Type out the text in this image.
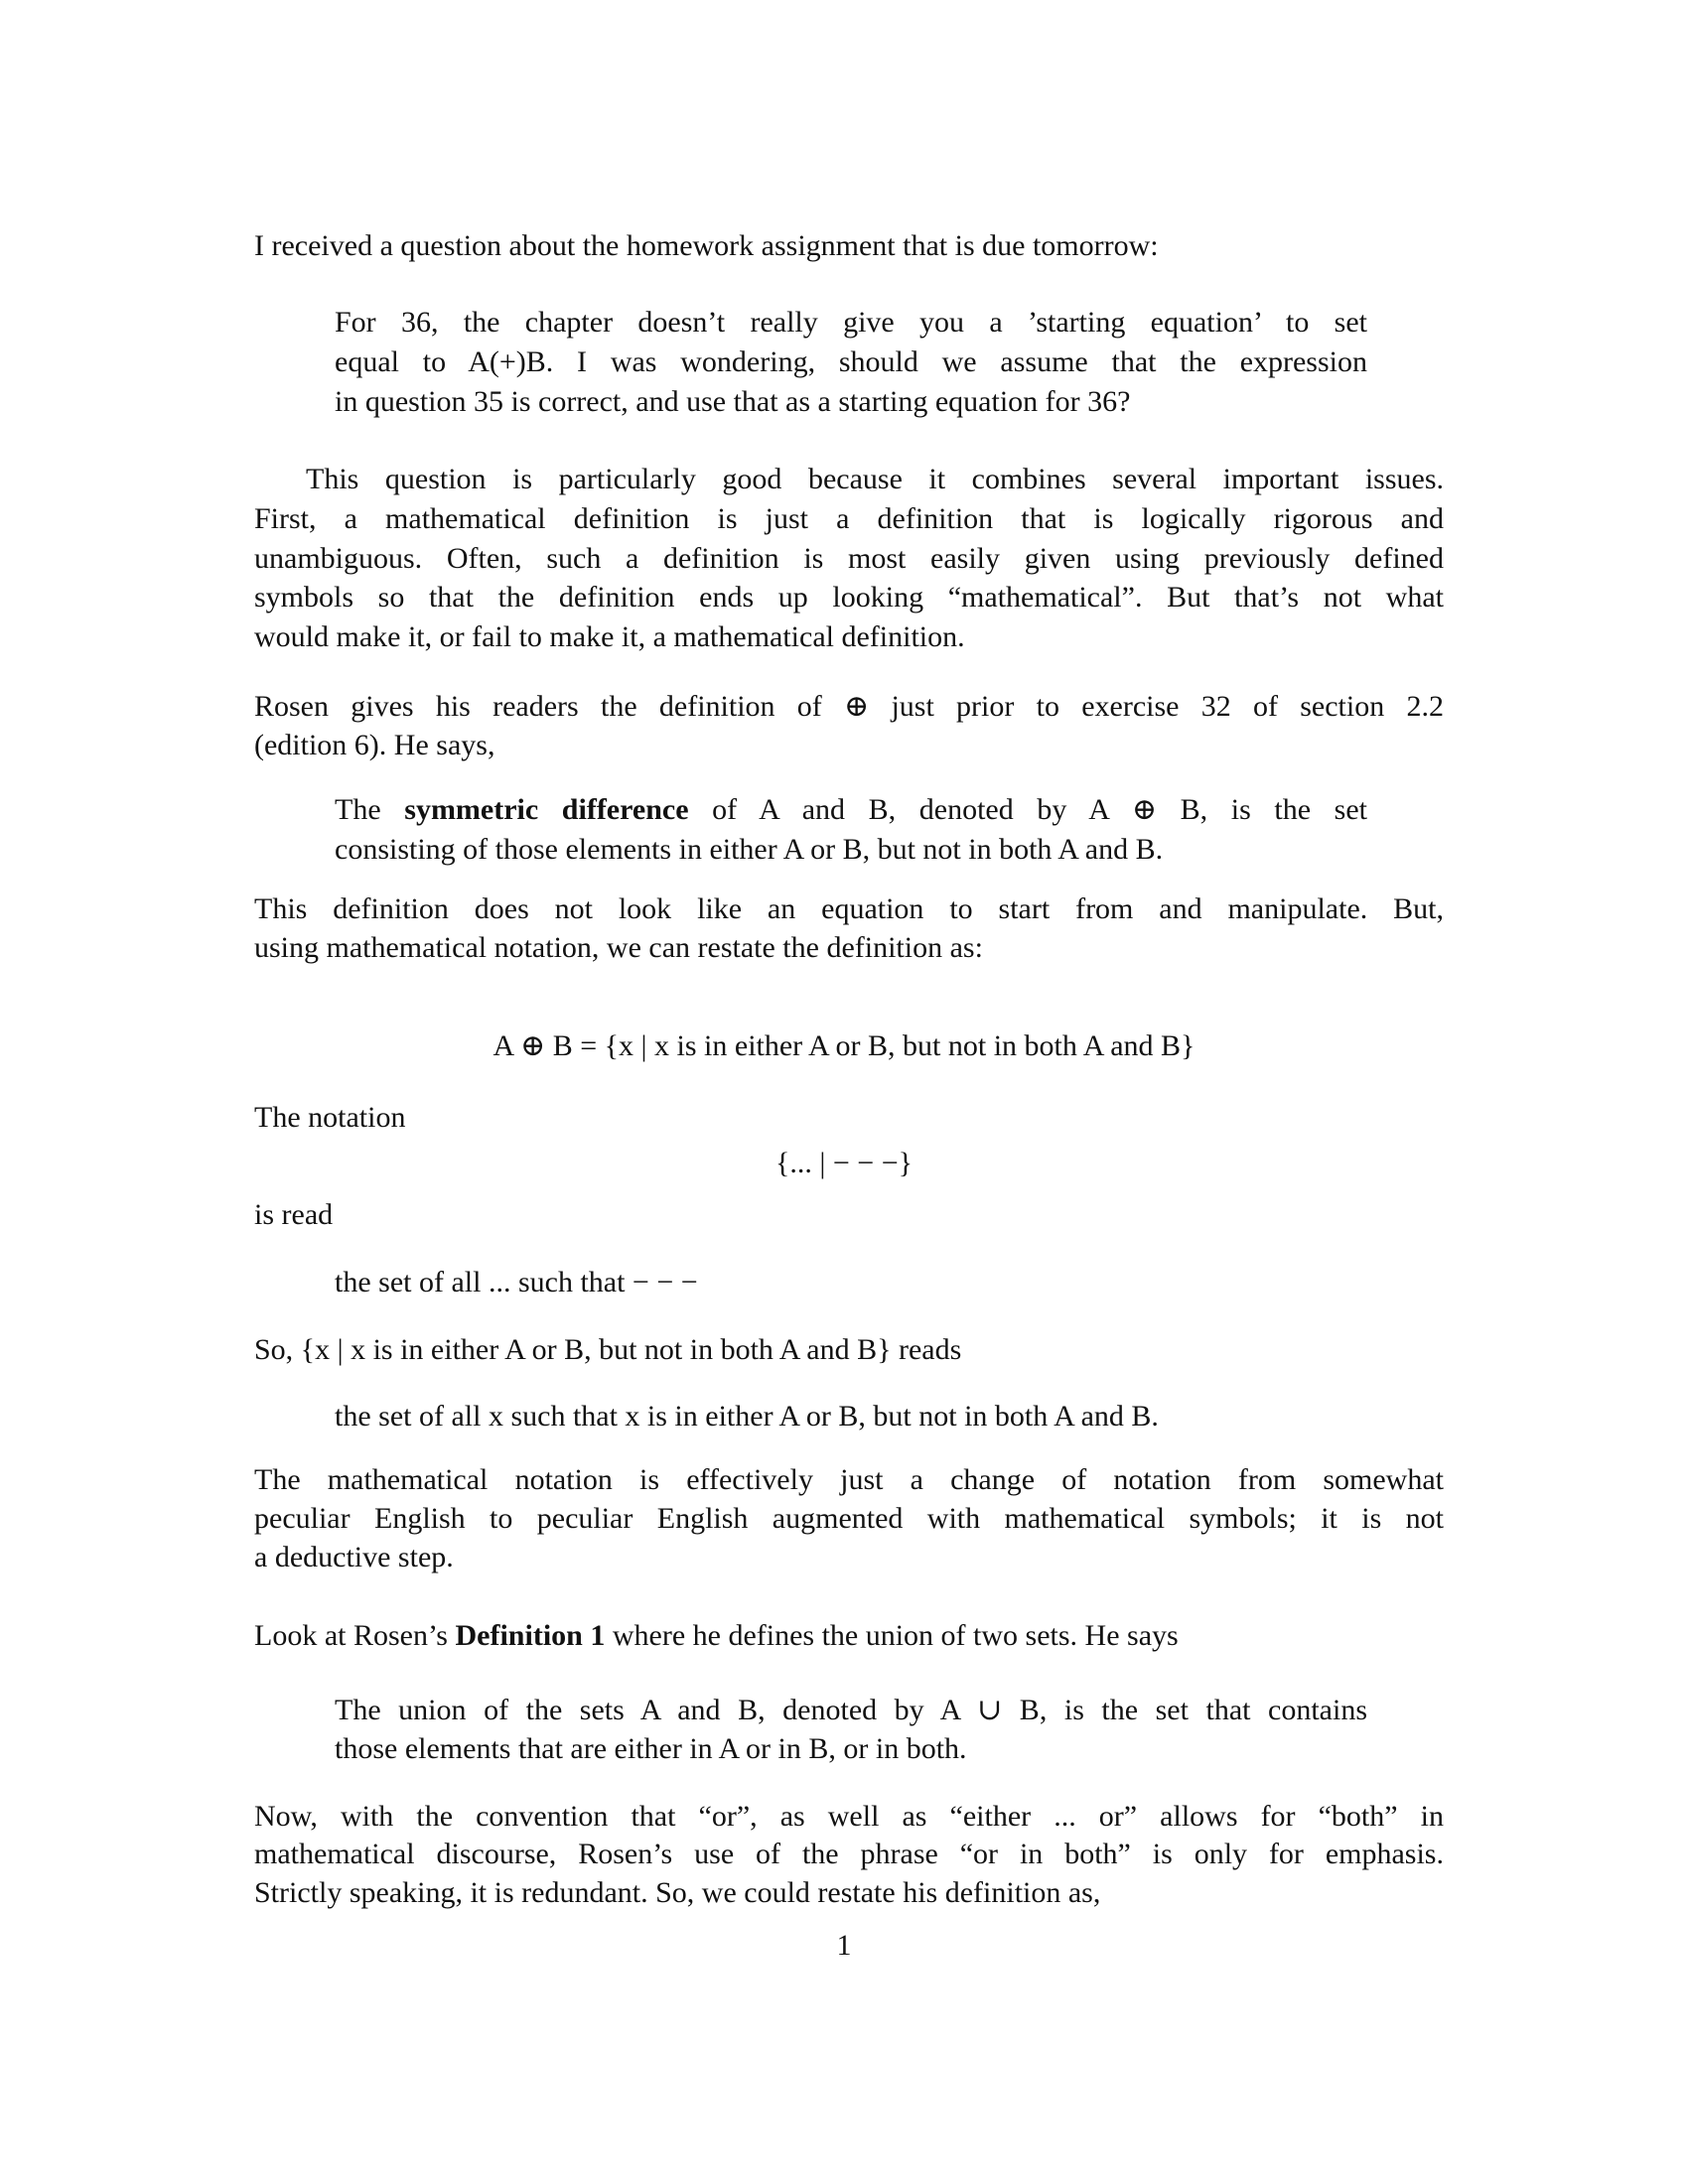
I received a question about the homework assignment that is due tomorrow:
For 36, the chapter doesn’t really give you a ’starting equation’ to set
equal to A(+)B. I was wondering, should we assume that the expression
in question 35 is correct, and use that as a starting equation for 36?
This question is particularly good because it combines several important issues.
First, a mathematical definition is just a definition that is logically rigorous and
unambiguous. Often, such a definition is most easily given using previously defined
symbols so that the definition ends up looking “mathematical”. But that’s not what
would make it, or fail to make it, a mathematical definition.
Rosen gives his readers the definition of ⊕ just prior to exercise 32 of section 2.2
(edition 6). He says,
The symmetric difference of A and B, denoted by A ⊕ B, is the set
consisting of those elements in either A or B, but not in both A and B.
This definition does not look like an equation to start from and manipulate. But,
using mathematical notation, we can restate the definition as:
A ⊕ B = {x | x is in either A or B, but not in both A and B}
The notation
{... | − − −}
is read
the set of all ... such that − − −
So, {x | x is in either A or B, but not in both A and B} reads
the set of all x such that x is in either A or B, but not in both A and B.
The mathematical notation is effectively just a change of notation from somewhat
peculiar English to peculiar English augmented with mathematical symbols; it is not
a deductive step.
Look at Rosen’s Definition 1 where he defines the union of two sets. He says
The union of the sets A and B, denoted by A ∪ B, is the set that contains
those elements that are either in A or in B, or in both.
Now, with the convention that “or”, as well as “either ... or” allows for “both” in
mathematical discourse, Rosen’s use of the phrase “or in both” is only for emphasis.
Strictly speaking, it is redundant. So, we could restate his definition as,
1
